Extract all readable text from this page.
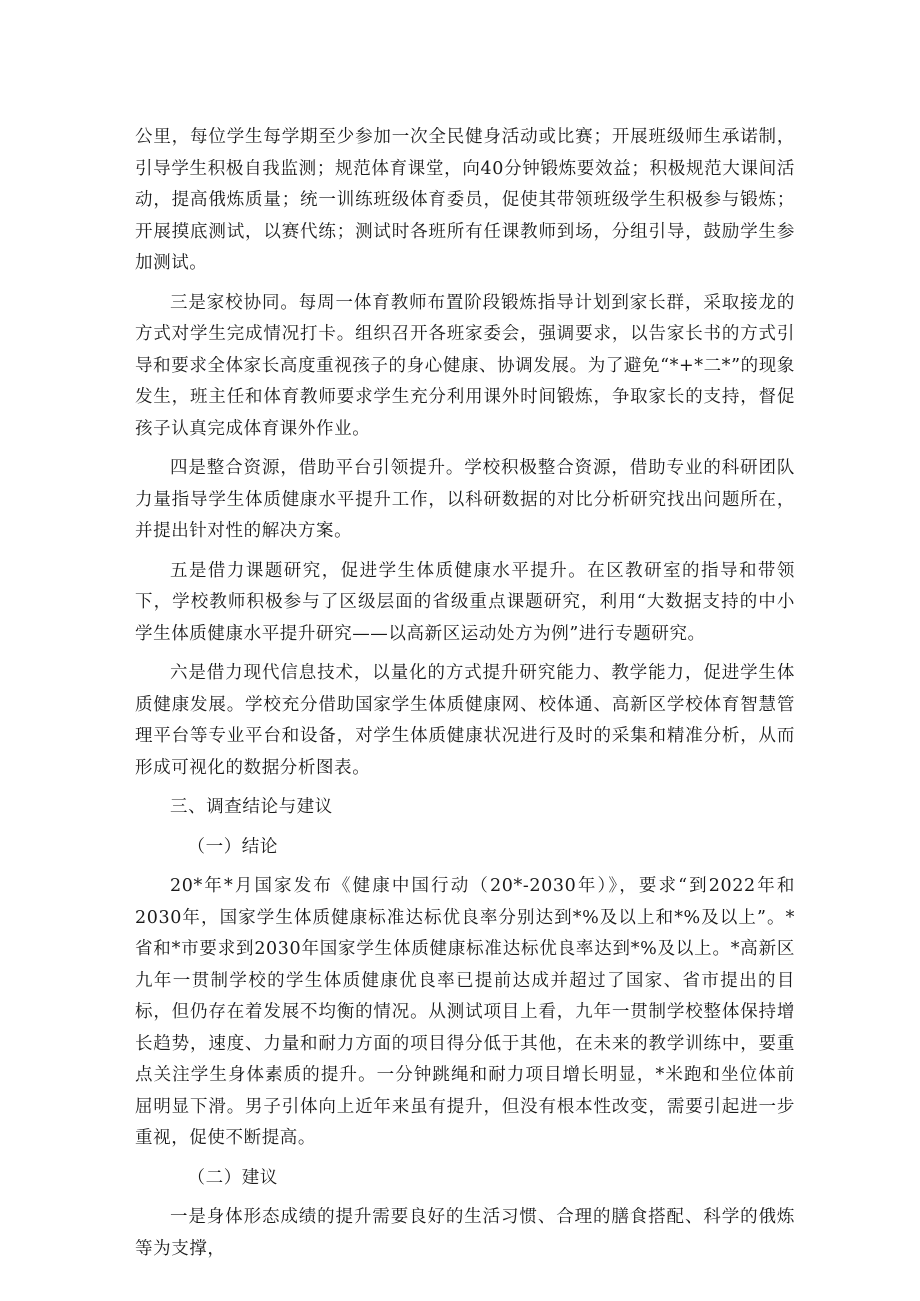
公里，每位学生每学期至少参加一次全民健身活动或比赛；开展班级师生承诺制，引导学生积极自我监测；规范体育课堂，向40分钟锻炼要效益；积极规范大课间活动，提高俄炼质量；统一训练班级体育委员，促使其带领班级学生积极参与锻炼；开展摸底测试，以赛代练；测试时各班所有任课教师到场，分组引导，鼓励学生参加测试。

三是家校协同。每周一体育教师布置阶段锻炼指导计划到家长群，采取接龙的方式对学生完成情况打卡。组织召开各班家委会，强调要求，以告家长书的方式引导和要求全体家长高度重视孩子的身心健康、协调发展。为了避免“*+*二*”的现象发生，班主任和体育教师要求学生充分利用课外时间锻炼，争取家长的支持，督促孩子认真完成体育课外作业。

四是整合资源，借助平台引领提升。学校积极整合资源，借助专业的科研团队力量指导学生体质健康水平提升工作，以科研数据的对比分析研究找出问题所在，并提出针对性的解决方案。

五是借力课题研究，促进学生体质健康水平提升。在区教研室的指导和带领下，学校教师积极参与了区级层面的省级重点课题研究，利用“大数据支持的中小学生体质健康水平提升研究——以高新区运动处方为例”进行专题研究。

六是借力现代信息技术，以量化的方式提升研究能力、教学能力，促进学生体质健康发展。学校充分借助国家学生体质健康网、校体通、高新区学校体育智慧管理平台等专业平台和设备，对学生体质健康状况进行及时的采集和精准分析，从而形成可视化的数据分析图表。

三、调查结论与建议

（一）结论

20*年*月国家发布《健康中国行动（20*-2030年）》，要求“到2022年和2030年，国家学生体质健康标准达标优良率分别达到*%及以上和*%及以上”。*省和*市要求到2030年国家学生体质健康标准达标优良率达到*%及以上。*高新区九年一贯制学校的学生体质健康优良率已提前达成并超过了国家、省市提出的目标，但仍存在着发展不均衡的情况。从测试项目上看，九年一贯制学校整体保持增长趋势，速度、力量和耐力方面的项目得分低于其他，在未来的教学训练中，要重点关注学生身体素质的提升。一分钟跳绳和耐力项目增长明显，*米跑和坐位体前屈明显下滑。男子引体向上近年来虽有提升，但没有根本性改变，需要引起进一步重视，促使不断提高。

（二）建议

一是身体形态成绩的提升需要良好的生活习惯、合理的膳食搭配、科学的俄炼等为支撑，
